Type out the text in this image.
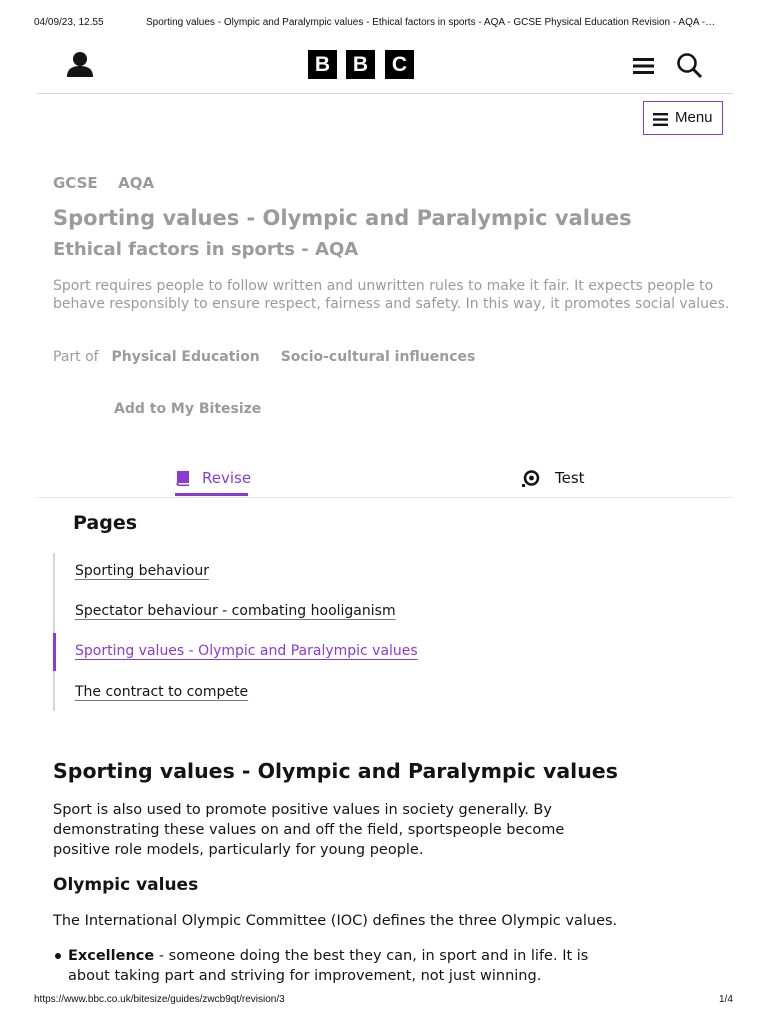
04/09/23, 12.55	Sporting values - Olympic and Paralympic values - Ethical factors in sports - AQA - GCSE Physical Education Revision - AQA -…
B	B	C
Menu
GCSE AQA
Sporting values - Olympic and Paralympic values
Ethical factors in sports - AQA
Sport requires people to follow written and unwritten rules to make it fair. It expects people to behave responsibly to ensure respect, fairness and safety. In this way, it promotes social values.
Part of Physical Education Socio-cultural influences
Add to My Bitesize
Revise	Test
Pages
Sporting behaviour
Spectator behaviour - combating hooliganism
Sporting values - Olympic and Paralympic values
The contract to compete
Sporting values - Olympic and Paralympic values
Sport is also used to promote positive values in society generally. By demonstrating these values on and off the field, sportspeople become positive role models, particularly for young people.
Olympic values
The International Olympic Committee (IOC) defines the three Olympic values.
Excellence - someone doing the best they can, in sport and in life. It is about taking part and striving for improvement, not just winning.
https://www.bbc.co.uk/bitesize/guides/zwcb9qt/revision/3	1/4
